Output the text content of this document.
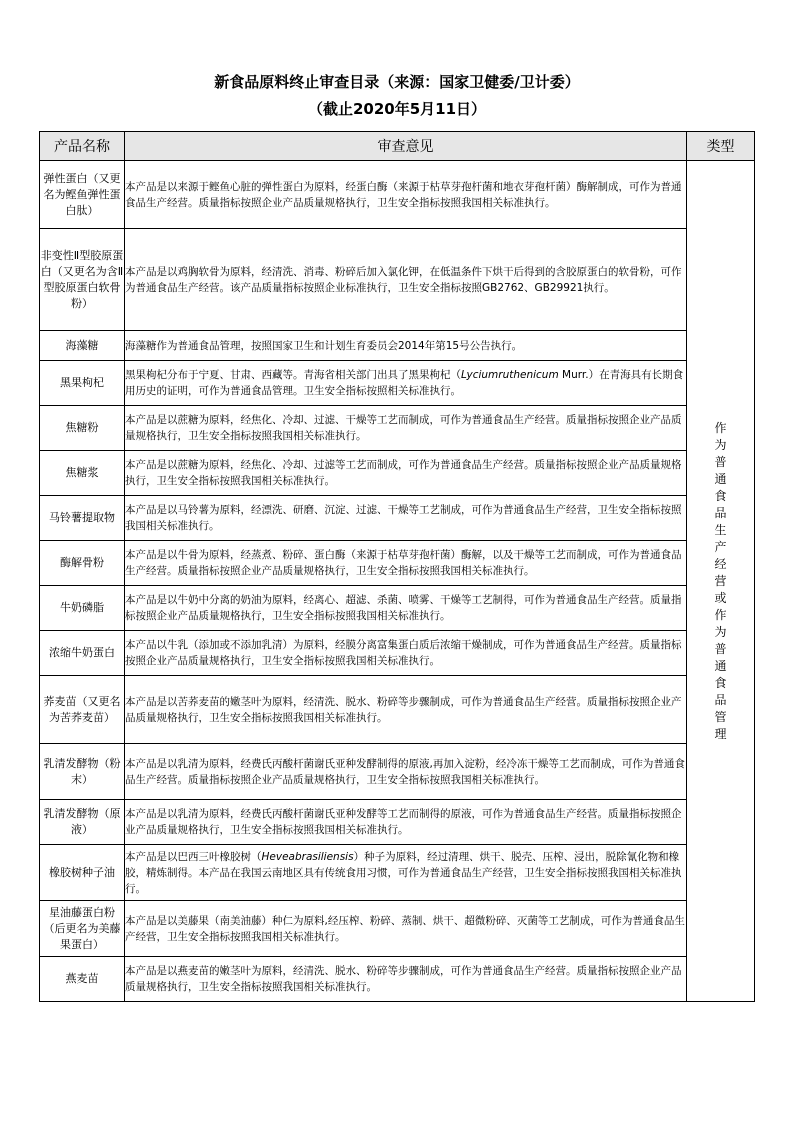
新食品原料终止审查目录（来源：国家卫健委/卫计委）
（截止2020年5月11日）
产品名称	审查意见	类型
弹性蛋白（又更名为鲣鱼弹性蛋白肽）	本产品是以来源于鲣鱼心脏的弹性蛋白为原料，经蛋白酶（来源于枯草芽孢杆菌和地衣芽孢杆菌）酶解制成，可作为普通食品生产经营。质量指标按照企业产品质量规格执行，卫生安全指标按照我国相关标准执行。	作为普通食品生产经营或作为普通食品管理
非变性Ⅱ型胶原蛋白（又更名为含Ⅱ型胶原蛋白软骨粉）	本产品是以鸡胸软骨为原料，经清洗、消毒、粉碎后加入氯化钾，在低温条件下烘干后得到的含胶原蛋白的软骨粉，可作为普通食品生产经营。该产品质量指标按照企业标准执行，卫生安全指标按照GB2762、GB29921执行。	
海藻糖	海藻糖作为普通食品管理，按照国家卫生和计划生育委员会2014年第15号公告执行。	
黑果枸杞	黑果枸杞分布于宁夏、甘肃、西藏等。青海省相关部门出具了黑果枸杞（Lyciumruthenicum Murr.）在青海具有长期食用历史的证明，可作为普通食品管理。卫生安全指标按照相关标准执行。	
焦糖粉	本产品是以蔗糖为原料，经焦化、冷却、过滤、干燥等工艺而制成，可作为普通食品生产经营。质量指标按照企业产品质量规格执行，卫生安全指标按照我国相关标准执行。	
焦糖浆	本产品是以蔗糖为原料，经焦化、冷却、过滤等工艺而制成，可作为普通食品生产经营。质量指标按照企业产品质量规格执行，卫生安全指标按照我国相关标准执行。	
马铃薯提取物	本产品是以马铃薯为原料，经漂洗、研磨、沉淀、过滤、干燥等工艺制成，可作为普通食品生产经营，卫生安全指标按照我国相关标准执行。	
酶解骨粉	本产品是以牛骨为原料，经蒸煮、粉碎、蛋白酶（来源于枯草芽孢杆菌）酶解，以及干燥等工艺而制成，可作为普通食品生产经营。质量指标按照企业产品质量规格执行，卫生安全指标按照我国相关标准执行。	
牛奶磷脂	本产品是以牛奶中分离的奶油为原料，经离心、超滤、杀菌、喷雾、干燥等工艺制得，可作为普通食品生产经营。质量指标按照企业产品质量规格执行，卫生安全指标按照我国相关标准执行。	
浓缩牛奶蛋白	本产品以牛乳（添加或不添加乳清）为原料，经膜分离富集蛋白质后浓缩干燥制成，可作为普通食品生产经营。质量指标按照企业产品质量规格执行，卫生安全指标按照我国相关标准执行。	
荞麦苗（又更名为苦荞麦苗）	本产品是以苦荞麦苗的嫩茎叶为原料，经清洗、脱水、粉碎等步骤制成，可作为普通食品生产经营。质量指标按照企业产品质量规格执行，卫生安全指标按照我国相关标准执行。	
乳清发酵物（粉末）	本产品是以乳清为原料，经费氏丙酸杆菌谢氏亚种发酵制得的原液,再加入淀粉，经冷冻干燥等工艺而制成，可作为普通食品生产经营。质量指标按照企业产品质量规格执行，卫生安全指标按照我国相关标准执行。	
乳清发酵物（原液）	本产品是以乳清为原料，经费氏丙酸杆菌谢氏亚种发酵等工艺而制得的原液，可作为普通食品生产经营。质量指标按照企业产品质量规格执行，卫生安全指标按照我国相关标准执行。	
橡胶树种子油	本产品是以巴西三叶橡胶树（Heveabrasiliensis）种子为原料，经过清理、烘干、脱壳、压榨、浸出，脱除氰化物和橡胶，精炼制得。本产品在我国云南地区具有传统食用习惯，可作为普通食品生产经营，卫生安全指标按照我国相关标准执行。	
星油藤蛋白粉（后更名为美藤果蛋白）	本产品是以美藤果（南美油藤）种仁为原料,经压榨、粉碎、蒸制、烘干、超微粉碎、灭菌等工艺制成，可作为普通食品生产经营，卫生安全指标按照我国相关标准执行。	
燕麦苗	本产品是以燕麦苗的嫩茎叶为原料，经清洗、脱水、粉碎等步骤制成，可作为普通食品生产经营。质量指标按照企业产品质量规格执行，卫生安全指标按照我国相关标准执行。	
